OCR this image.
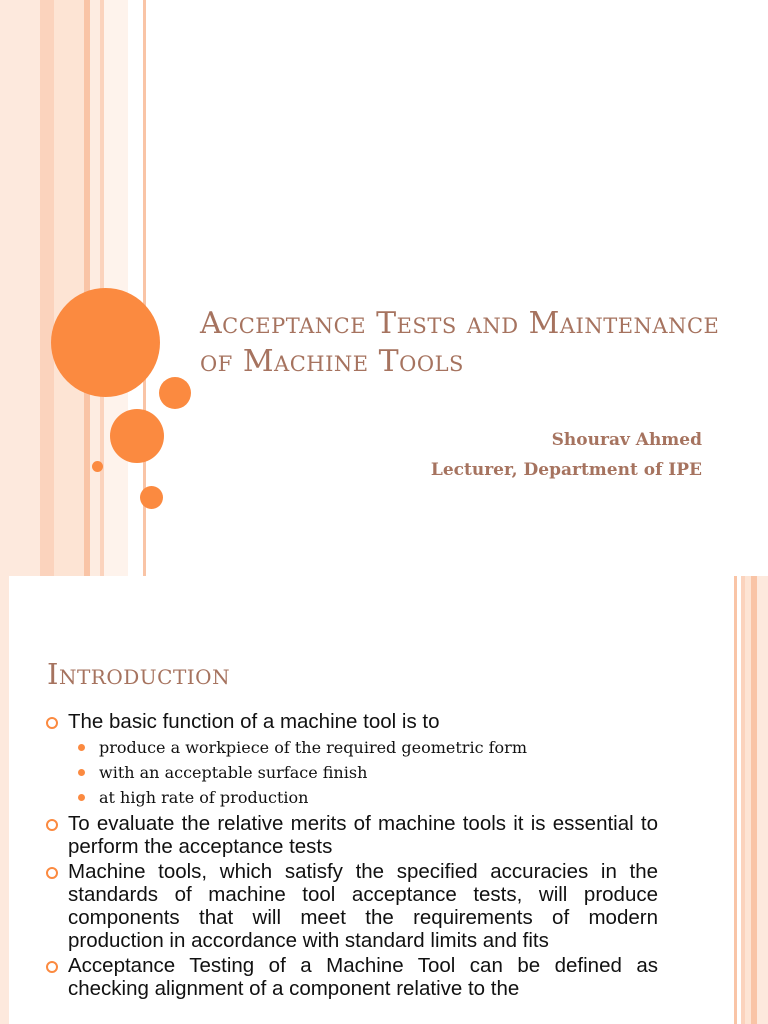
Acceptance Tests and Maintenance of Machine Tools
Shourav Ahmed
Lecturer, Department of IPE
Introduction
The basic function of a machine tool is to
produce a workpiece of the required geometric form
with an acceptable surface finish
at high rate of production
To evaluate the relative merits of machine tools it is essential to perform the acceptance tests
Machine tools, which satisfy the specified accuracies in the standards of machine tool acceptance tests, will produce components that will meet the requirements of modern production in accordance with standard limits and fits
Acceptance Testing of a Machine Tool can be defined as checking alignment of a component relative to the
